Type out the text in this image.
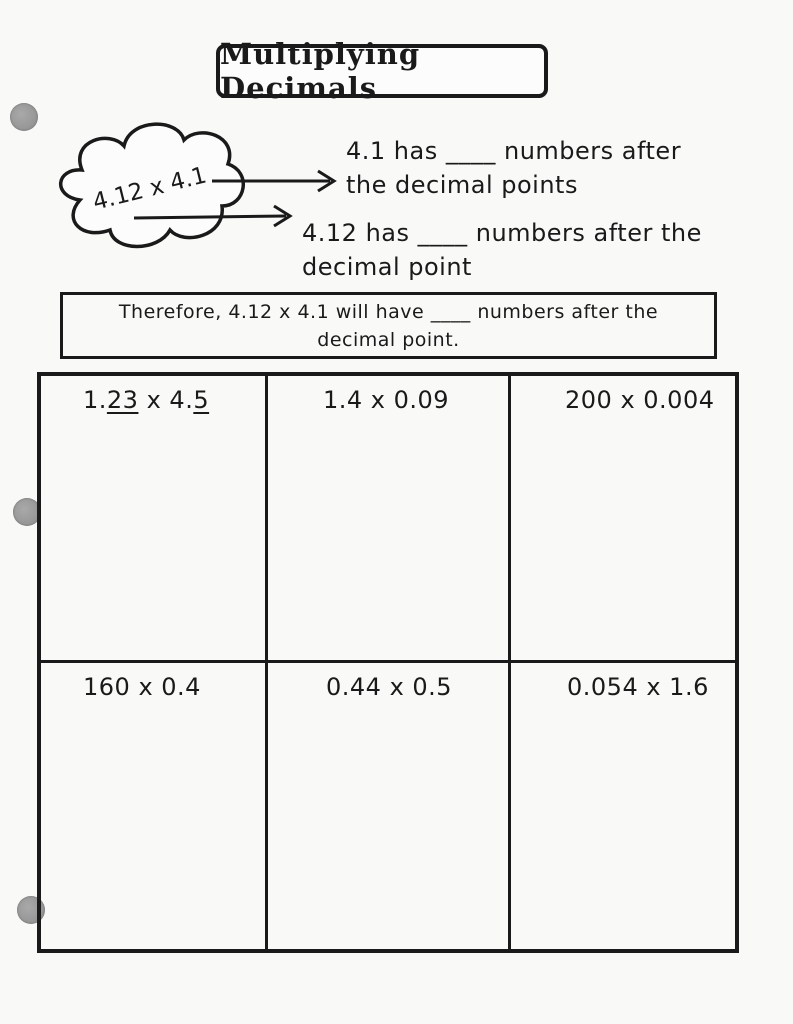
Multiplying Decimals
4.12 x 4.1
4.1 has ____ numbers after
the decimal points
4.12 has ____ numbers after the
decimal point
Therefore, 4.12 x 4.1 will have ____ numbers after the
decimal point.
1.23 x 4.5	1.4 x 0.09	200 x 0.004
160 x 0.4	0.44 x 0.5	0.054 x 1.6
